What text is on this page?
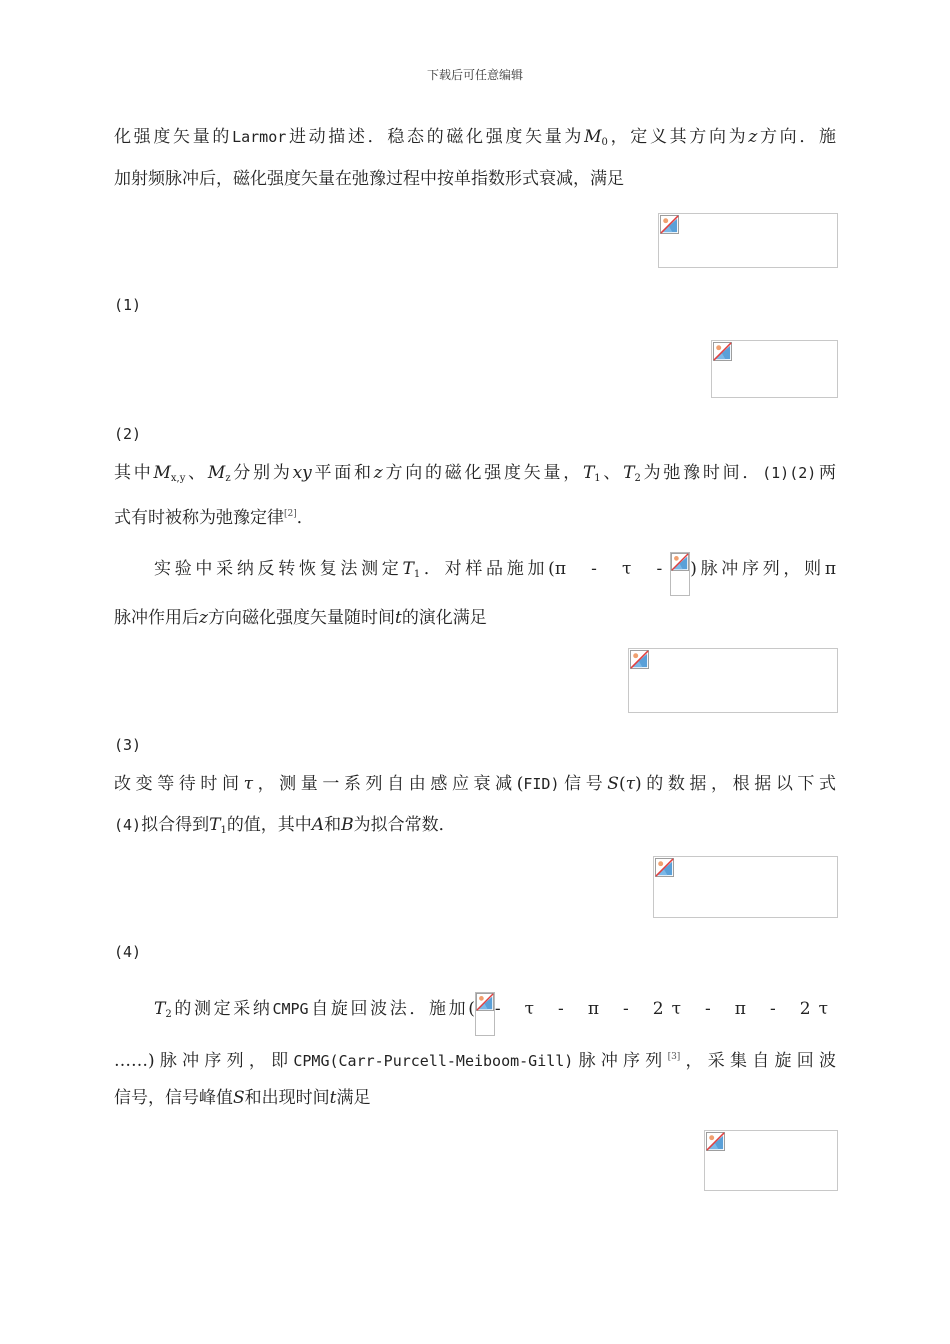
下载后可任意编辑
化强度矢量的Larmor进动描述．稳态的磁化强度矢量为$M_0$，定义其方向为z方向．施
加射频脉冲后，磁化强度矢量在弛豫过程中按单指数形式衰减，满足
(1)
(2)
其中$M_{x,y}$、$M_z$分别为xy平面和z方向的磁化强度矢量，$T_1$、$T_2$为弛豫时间．(1)(2)两
式有时被称为弛豫定律[2]．
实验中采纳反转恢复法测定$T_1$．对样品施加(π - τ - )脉冲序列，则π
脉冲作用后z方向磁化强度矢量随时间t的演化满足
(3)
改变等待时间τ，测量一系列自由感应衰减(FID)信号S(τ)的数据，根据以下式
(4)拟合得到$T_1$的值，其中A和B为拟合常数．
(4)
$T_2$的测定采纳CMPG自旋回波法．施加( - τ - π - 2τ - π - 2τ
……)脉冲序列，即CPMG(Carr-Purcell-Meiboom-Gill)脉冲序列[3]，采集自旋回波
信号，信号峰值S和出现时间t满足
